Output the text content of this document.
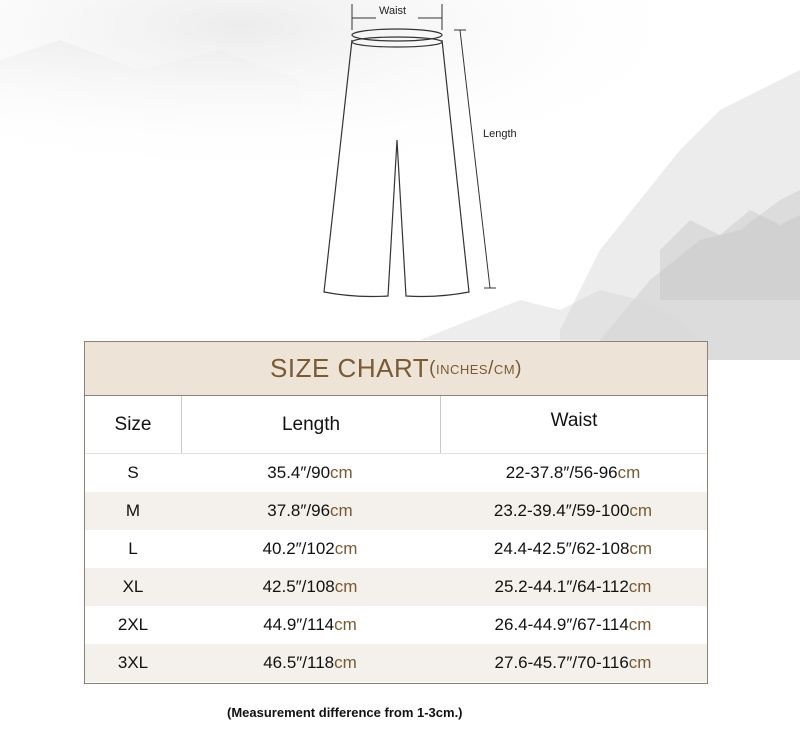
Waist
Length
SIZE CHART (inches/cm)
Size	Length	Waist
S	35.4″/90 cm	22-37.8″/56-96 cm
M	37.8″/96 cm	23.2-39.4″/59-100 cm
L	40.2″/102 cm	24.4-42.5″/62-108 cm
XL	42.5″/108 cm	25.2-44.1″/64-112 cm
2XL	44.9″/114 cm	26.4-44.9″/67-114 cm
3XL	46.5″/118 cm	27.6-45.7″/70-116 cm
(Measurement difference from 1-3cm.)
